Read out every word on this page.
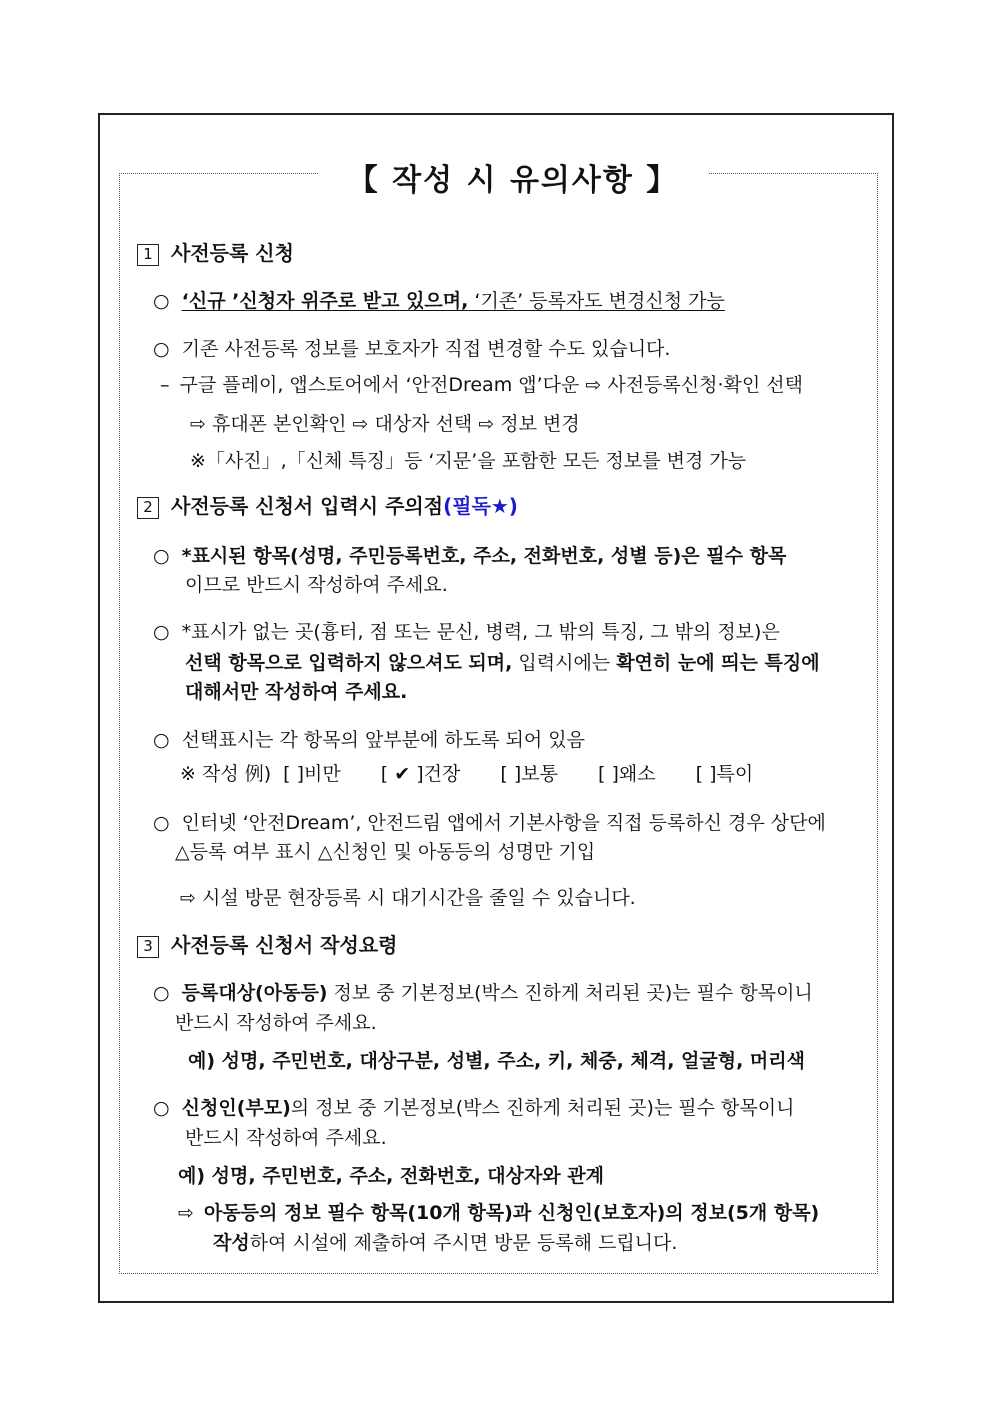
【 작성 시 유의사항 】
1 사전등록 신청
○ ‘신규 ’신청자 위주로 받고 있으며, ‘기존’ 등록자도 변경신청 가능
○ 기존 사전등록 정보를 보호자가 직접 변경할 수도 있습니다.
– 구글 플레이, 앱스토어에서 ‘안전Dream 앱’다운 ⇨ 사전등록신청·확인 선택
⇨ 휴대폰 본인확인 ⇨ 대상자 선택 ⇨ 정보 변경
※「사진」,「신체 특징」등 ‘지문’을 포함한 모든 정보를 변경 가능
2 사전등록 신청서 입력시 주의점(필독★)
○ *표시된 항목(성명, 주민등록번호, 주소, 전화번호, 성별 등)은 필수 항목
이므로 반드시 작성하여 주세요.
○ *표시가 없는 곳(흉터, 점 또는 문신, 병력, 그 밖의 특징, 그 밖의 정보)은
선택 항목으로 입력하지 않으셔도 되며, 입력시에는 확연히 눈에 띄는 특징에
대해서만 작성하여 주세요.
○ 선택표시는 각 항목의 앞부분에 하도록 되어 있음
※ 작성 例) [ ]비만 [ ✔ ]건장 [ ]보통 [ ]왜소 [ ]특이
○ 인터넷 ‘안전Dream’, 안전드림 앱에서 기본사항을 직접 등록하신 경우 상단에
△등록 여부 표시 △신청인 및 아동등의 성명만 기입
⇨ 시설 방문 현장등록 시 대기시간을 줄일 수 있습니다.
3 사전등록 신청서 작성요령
○ 등록대상(아동등) 정보 중 기본정보(박스 진하게 처리된 곳)는 필수 항목이니
반드시 작성하여 주세요.
예) 성명, 주민번호, 대상구분, 성별, 주소, 키, 체중, 체격, 얼굴형, 머리색
○ 신청인(부모)의 정보 중 기본정보(박스 진하게 처리된 곳)는 필수 항목이니
반드시 작성하여 주세요.
예) 성명, 주민번호, 주소, 전화번호, 대상자와 관계
⇨ 아동등의 정보 필수 항목(10개 항목)과 신청인(보호자)의 정보(5개 항목)
작성하여 시설에 제출하여 주시면 방문 등록해 드립니다.
